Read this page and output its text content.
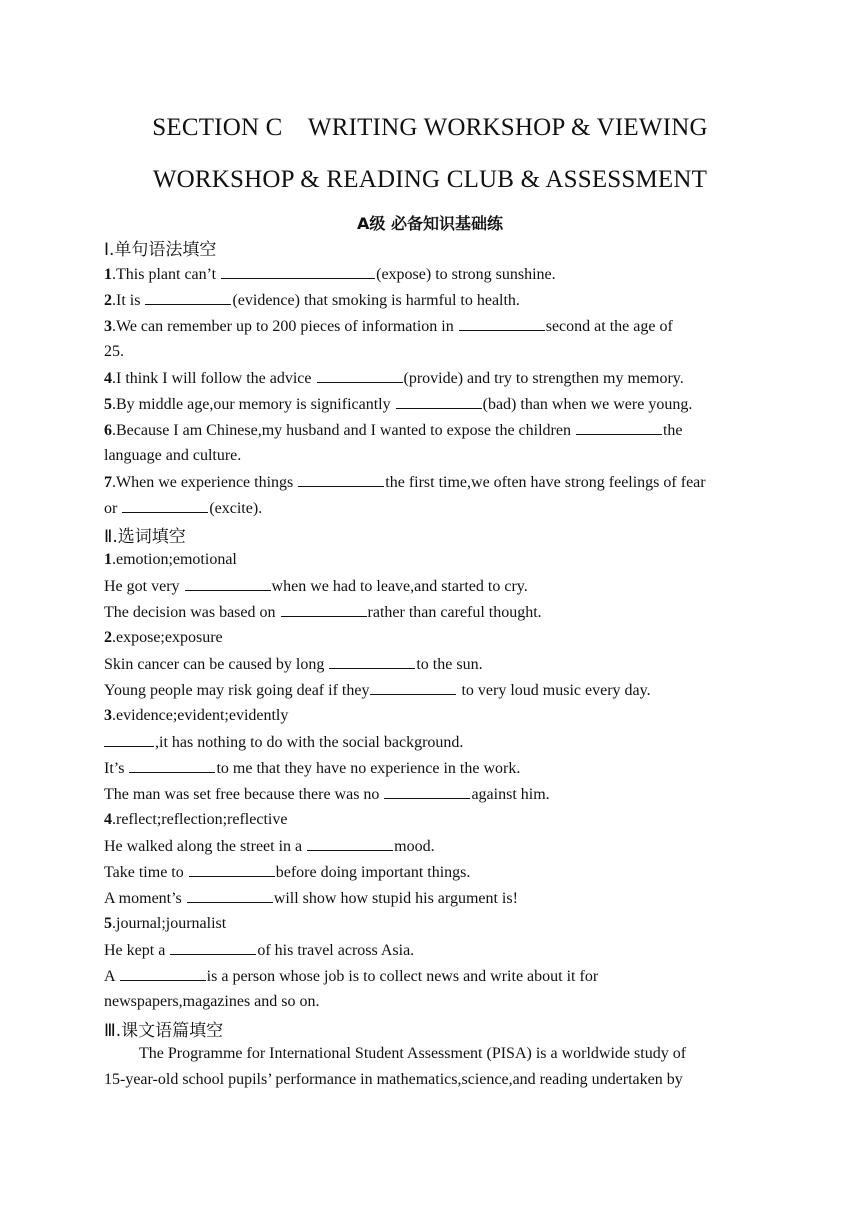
SECTION C    WRITING WORKSHOP & VIEWING
WORKSHOP & READING CLUB & ASSESSMENT
A级 必备知识基础练
Ⅰ.单句语法填空
1.This plant can’t	(expose) to strong sunshine.
2.It is	(evidence) that smoking is harmful to health.
3.We can remember up to 200 pieces of information in	second at the age of
25.
4.I think I will follow the advice	(provide) and try to strengthen my memory.
5.By middle age,our memory is significantly	(bad) than when we were young.
6.Because I am Chinese,my husband and I wanted to expose the children	the
language and culture.
7.When we experience things	the first time,we often have strong feelings of fear
or	(excite).
Ⅱ.选词填空
1.emotion;emotional
He got very	when we had to leave,and started to cry.
The decision was based on	rather than careful thought.
2.expose;exposure
Skin cancer can be caused by long	to the sun.
Young people may risk going deaf if they	to very loud music every day.
3.evidence;evident;evidently
,it has nothing to do with the social background.
It’s	to me that they have no experience in the work.
The man was set free because there was no	against him.
4.reflect;reflection;reflective
He walked along the street in a	mood.
Take time to	before doing important things.
A moment’s	will show how stupid his argument is!
5.journal;journalist
He kept a	of his travel across Asia.
A	is a person whose job is to collect news and write about it for
newspapers,magazines and so on.
Ⅲ.课文语篇填空
The Programme for International Student Assessment (PISA) is a worldwide study of
15-year-old school pupils’ performance in mathematics,science,and reading undertaken by
